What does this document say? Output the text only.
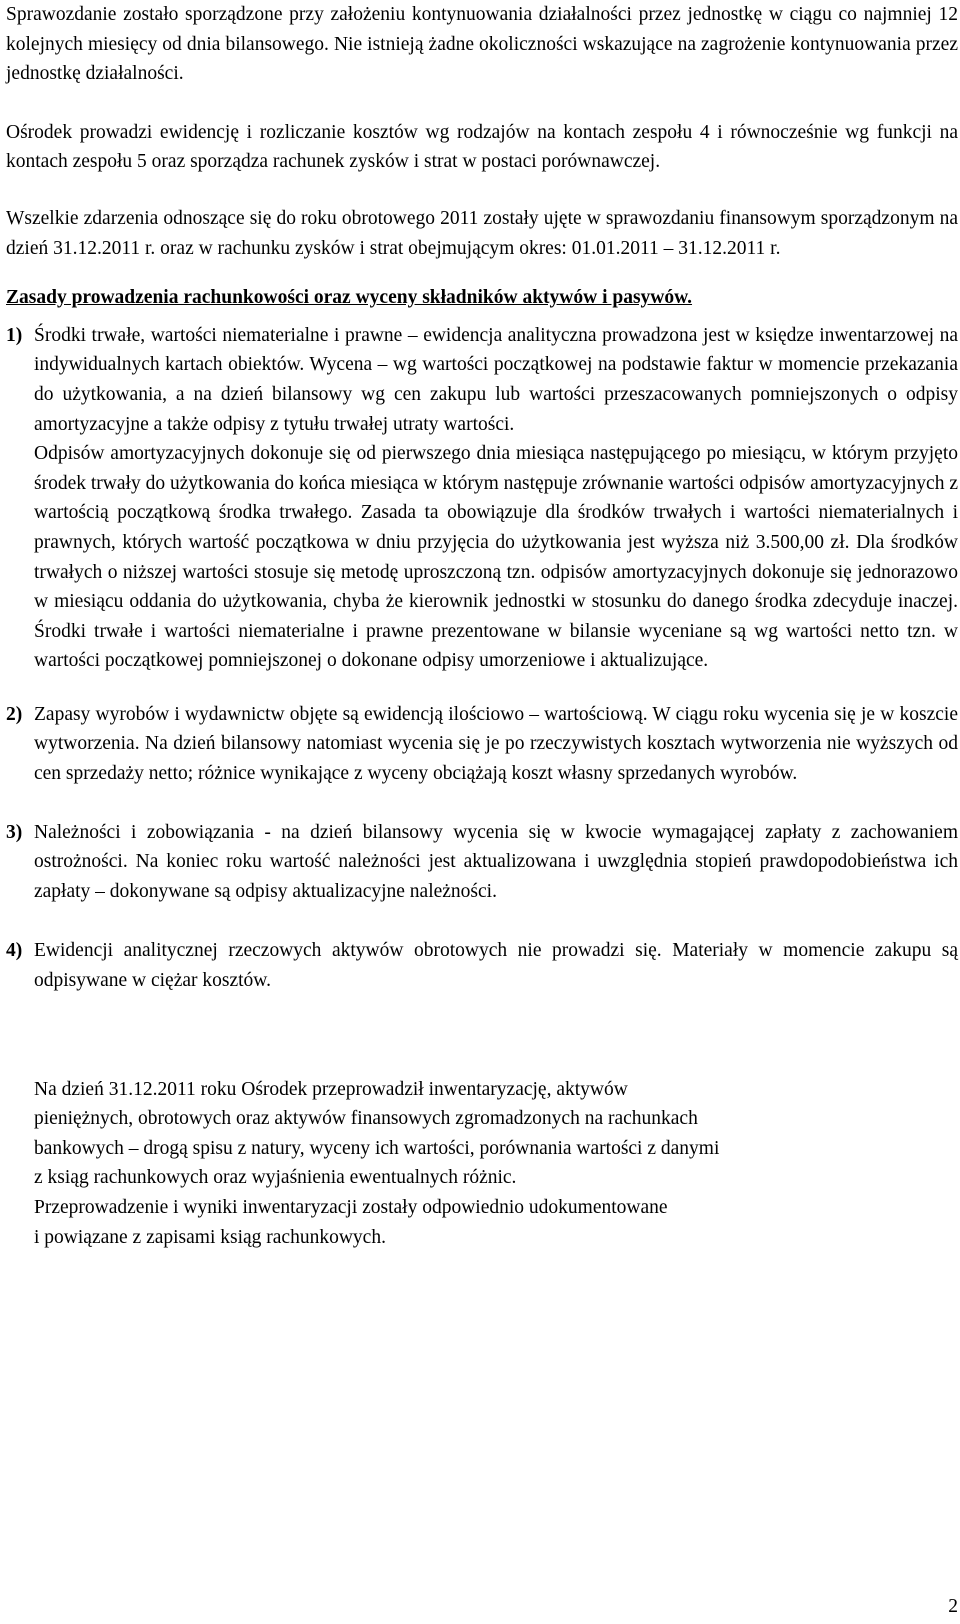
Sprawozdanie zostało sporządzone przy założeniu kontynuowania działalności przez jednostkę w ciągu co najmniej 12 kolejnych miesięcy od dnia bilansowego. Nie istnieją żadne okoliczności wskazujące na zagrożenie kontynuowania przez jednostkę działalności.

Ośrodek prowadzi ewidencję i rozliczanie kosztów wg rodzajów na kontach zespołu 4 i równocześnie wg funkcji na kontach zespołu 5 oraz sporządza rachunek zysków i strat w postaci porównawczej.

Wszelkie zdarzenia odnoszące się do roku obrotowego 2011 zostały ujęte w sprawozdaniu finansowym sporządzonym na dzień 31.12.2011 r. oraz w rachunku zysków i strat obejmującym okres: 01.01.2011 – 31.12.2011 r.

Zasady prowadzenia rachunkowości oraz wyceny składników aktywów i pasywów.

1) Środki trwałe, wartości niematerialne i prawne – ewidencja analityczna prowadzona jest w księdze inwentarzowej na indywidualnych kartach obiektów. Wycena – wg wartości początkowej na podstawie faktur w momencie przekazania do użytkowania, a na dzień bilansowy wg cen zakupu lub wartości przeszacowanych pomniejszonych o odpisy amortyzacyjne a także odpisy z tytułu trwałej utraty wartości.

Odpisów amortyzacyjnych dokonuje się od pierwszego dnia miesiąca następującego po miesiącu, w którym przyjęto środek trwały do użytkowania do końca miesiąca w którym następuje zrównanie wartości odpisów amortyzacyjnych z wartością początkową środka trwałego. Zasada ta obowiązuje dla środków trwałych i wartości niematerialnych i prawnych, których wartość początkowa w dniu przyjęcia do użytkowania jest wyższa niż 3.500,00 zł. Dla środków trwałych o niższej wartości stosuje się metodę uproszczoną tzn. odpisów amortyzacyjnych dokonuje się jednorazowo w miesiącu oddania do użytkowania, chyba że kierownik jednostki w stosunku do danego środka zdecyduje inaczej. Środki trwałe i wartości niematerialne i prawne prezentowane w bilansie wyceniane są wg wartości netto tzn. w wartości początkowej pomniejszonej o dokonane odpisy umorzeniowe i aktualizujące.

2) Zapasy wyrobów i wydawnictw objęte są ewidencją ilościowo – wartościową. W ciągu roku wycenia się je w koszcie wytworzenia. Na dzień bilansowy natomiast wycenia się je po rzeczywistych kosztach wytworzenia nie wyższych od cen sprzedaży netto; różnice wynikające z wyceny obciążają koszt własny sprzedanych wyrobów.

3) Należności i zobowiązania - na dzień bilansowy wycenia się w kwocie wymagającej zapłaty z zachowaniem ostrożności. Na koniec roku wartość należności jest aktualizowana i uwzględnia stopień prawdopodobieństwa ich zapłaty – dokonywane są odpisy aktualizacyjne należności.

4) Ewidencji analitycznej rzeczowych aktywów obrotowych nie prowadzi się. Materiały w momencie zakupu są odpisywane w ciężar kosztów.

Na dzień 31.12.2011 roku Ośrodek przeprowadził inwentaryzację, aktywów

pieniężnych, obrotowych oraz aktywów finansowych zgromadzonych na rachunkach

bankowych – drogą spisu z natury, wyceny ich wartości, porównania wartości z danymi

z ksiąg rachunkowych oraz wyjaśnienia ewentualnych różnic.

Przeprowadzenie i wyniki inwentaryzacji zostały odpowiednio udokumentowane

i powiązane z zapisami ksiąg rachunkowych.

2
